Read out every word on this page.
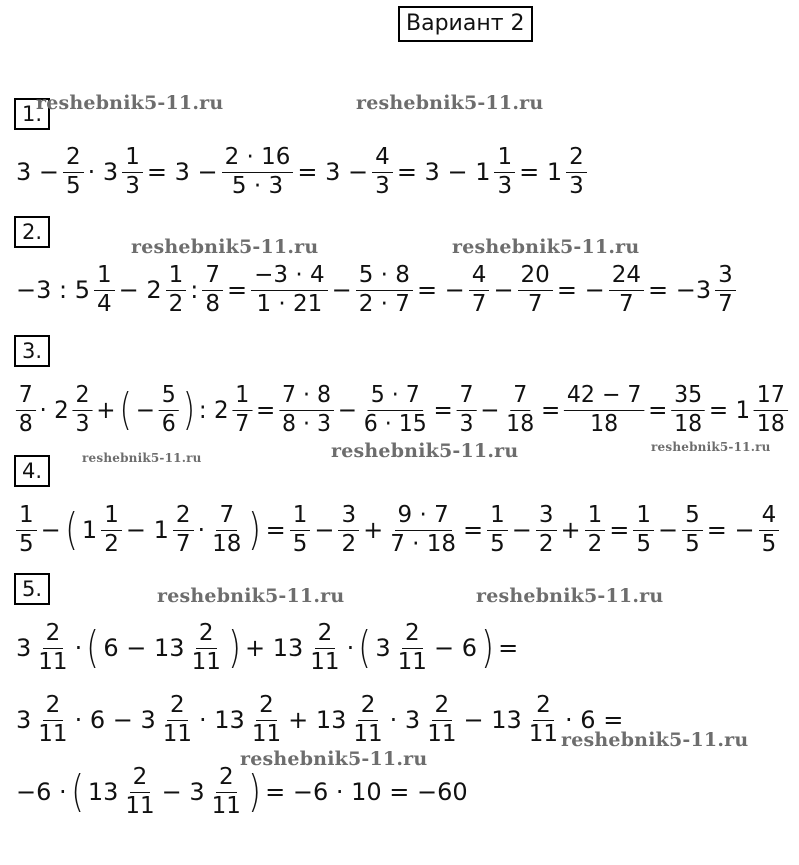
Вариант 2
1.
2.
3.
4.
5.
$3 - \frac{2}{5} \cdot 3 \frac{1}{3} = 3 - \frac{2 \cdot 16}{5 \cdot 3} = 3 - \frac{4}{3} = 3 - 1 \frac{1}{3} = 1 \frac{2}{3}$
−3 : $5 \frac{1}{4} - 2 \frac{1}{2}$ : $\frac{7}{8} = \frac{-3 \cdot 4}{1 \cdot 21} - \frac{5 \cdot 8}{2 \cdot 7}$ = − $\frac{4}{7} - \frac{20}{7}$ = − $\frac{24}{7} = -3 \frac{3}{7}$
$\frac{7}{8} \cdot 2 \frac{2}{3}$ + ( − $\frac{5}{6}$ ) : $2 \frac{1}{7} = \frac{7 \cdot 8}{8 \cdot 3} - \frac{5 \cdot 7}{6 \cdot 15} = \frac{7}{3} - \frac{7}{18} = \frac{42 - 7}{18} = \frac{35}{18} = 1 \frac{17}{18}$
$\frac{1}{5}$ − ( $1 \frac{1}{2} - 1 \frac{2}{7} \cdot \frac{7}{18}$ ) = $\frac{1}{5} - \frac{3}{2} + \frac{9 \cdot 7}{7 \cdot 18} = \frac{1}{5} - \frac{3}{2} + \frac{1}{2} = \frac{1}{5} - \frac{5}{5}$ = − $\frac{4}{5}$
$3 \frac{2}{11}$ · ( $6 - 13 \frac{2}{11}$ ) + $13 \frac{2}{11}$ · ( $3 \frac{2}{11} - 6$ ) =
$3 \frac{2}{11} \cdot 6 - 3 \frac{2}{11} \cdot 13 \frac{2}{11} + 13 \frac{2}{11} \cdot 3 \frac{2}{11} - 13 \frac{2}{11} \cdot 6$ =
−6 · ( $13 \frac{2}{11} - 3 \frac{2}{11}$ ) = −6 · 10 = −60
reshebnik5-11.ru	reshebnik5-11.ru
reshebnik5-11.ru	reshebnik5-11.ru
reshebnik5-11.ru	reshebnik5-11.ru	reshebnik5-11.ru
reshebnik5-11.ru	reshebnik5-11.ru
reshebnik5-11.ru
reshebnik5-11.ru
